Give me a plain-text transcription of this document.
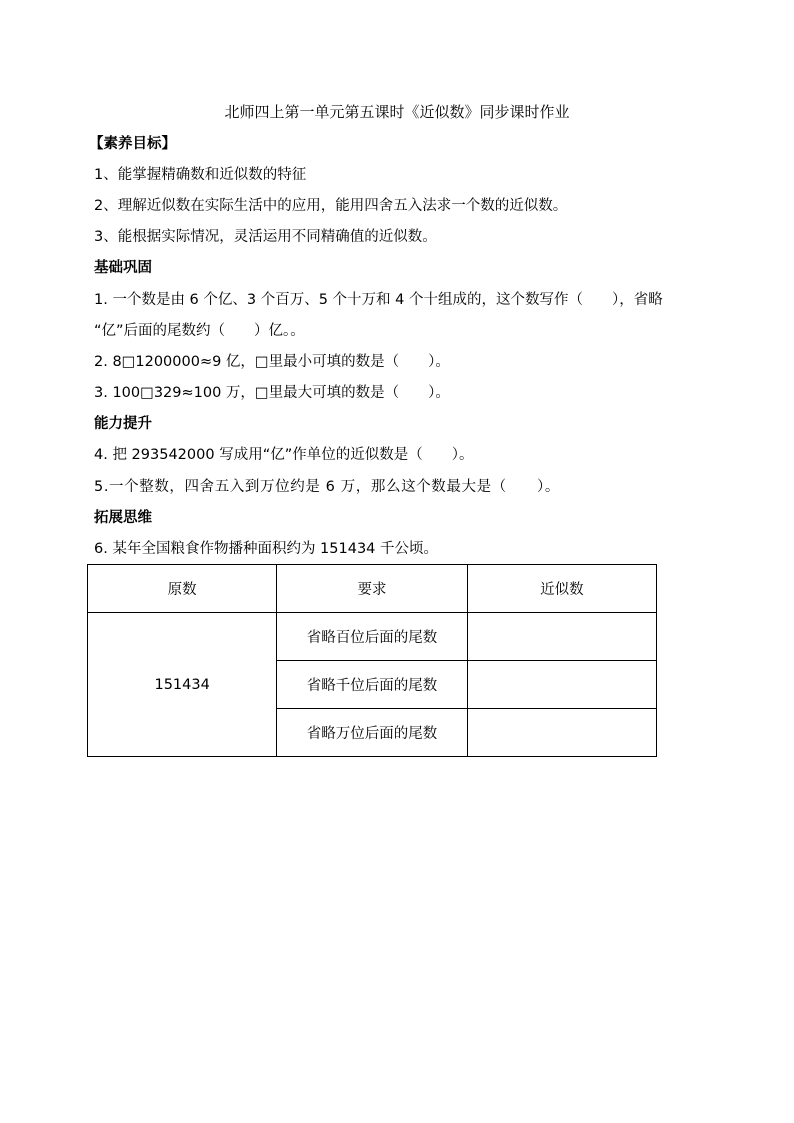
北师四上第一单元第五课时《近似数》同步课时作业
【素养目标】
1、能掌握精确数和近似数的特征
2、理解近似数在实际生活中的应用，能用四舍五入法求一个数的近似数。
3、能根据实际情况，灵活运用不同精确值的近似数。
基础巩固
1. 一个数是由 6 个亿、3 个百万、5 个十万和 4 个十组成的，这个数写作（　　），省略
“亿”后面的尾数约（　　）亿。。
2. 8□1200000≈9 亿，□里最小可填的数是（　　）。
3. 100□329≈100 万，□里最大可填的数是（　　）。
能力提升
4. 把 293542000 写成用“亿”作单位的近似数是（　　）。
5.一个整数，四舍五入到万位约是 6 万，那么这个数最大是（　　）。
拓展思维
6. 某年全国粮食作物播种面积约为 151434 千公顷。
原数	要求	近似数
151434	省略百位后面的尾数	
	省略千位后面的尾数	
	省略万位后面的尾数	
